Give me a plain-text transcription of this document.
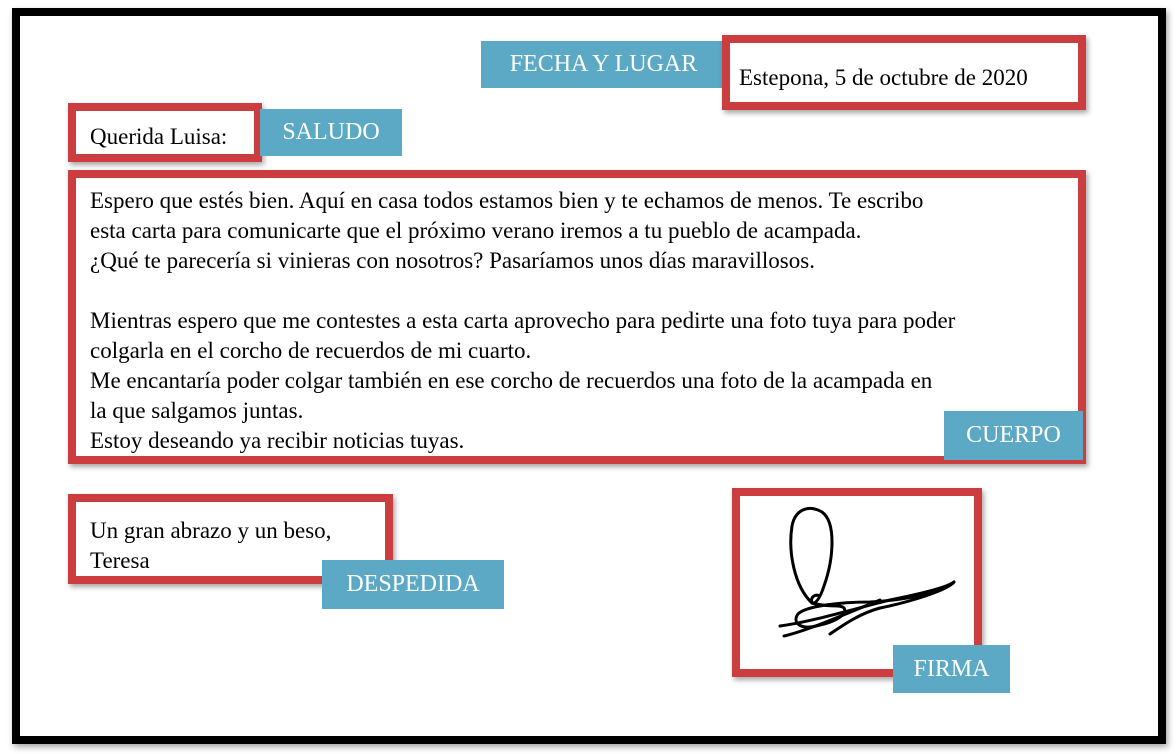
FECHA Y LUGAR
Estepona, 5 de octubre de 2020
Querida Luisa:	SALUDO
Espero que estés bien. Aquí en casa todos estamos bien y te echamos de menos. Te escribo
esta carta para comunicarte que el próximo verano iremos a tu pueblo de acampada.
¿Qué te parecería si vinieras con nosotros? Pasaríamos unos días maravillosos.
Mientras espero que me contestes a esta carta aprovecho para pedirte una foto tuya para poder
colgarla en el corcho de recuerdos de mi cuarto.
Me encantaría poder colgar también en ese corcho de recuerdos una foto de la acampada en
la que salgamos juntas.
Estoy deseando ya recibir noticias tuyas.	CUERPO
Un gran abrazo y un beso,
Teresa
DESPEDIDA
FIRMA
